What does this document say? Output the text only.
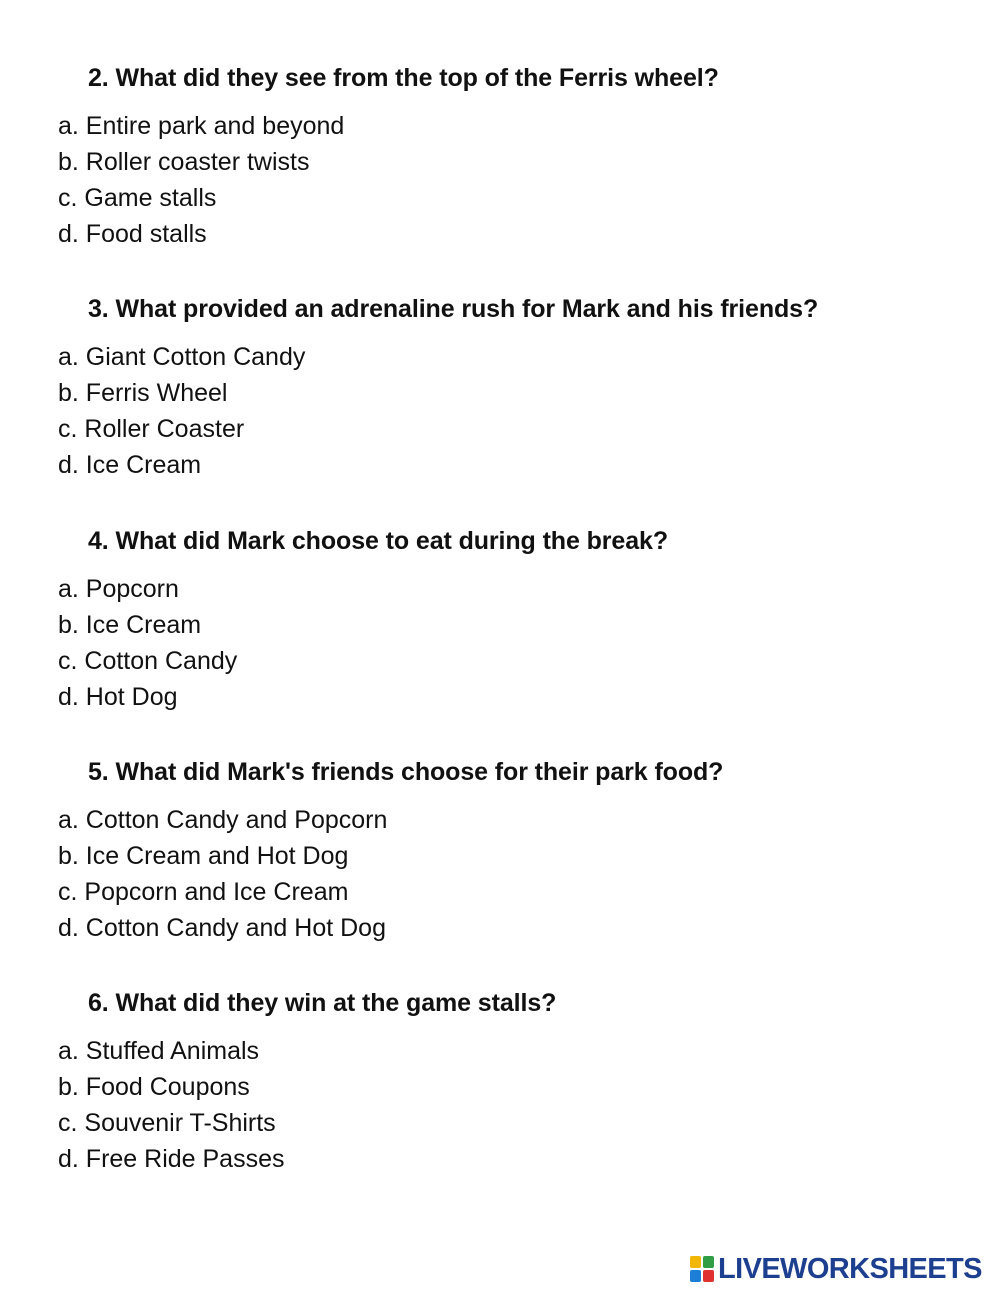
2. What did they see from the top of the Ferris wheel?
a. Entire park and beyond
b. Roller coaster twists
c. Game stalls
d. Food stalls
3. What provided an adrenaline rush for Mark and his friends?
a. Giant Cotton Candy
b. Ferris Wheel
c. Roller Coaster
d. Ice Cream
4. What did Mark choose to eat during the break?
a. Popcorn
b. Ice Cream
c. Cotton Candy
d. Hot Dog
5. What did Mark's friends choose for their park food?
a. Cotton Candy and Popcorn
b. Ice Cream and Hot Dog
c. Popcorn and Ice Cream
d. Cotton Candy and Hot Dog
6. What did they win at the game stalls?
a. Stuffed Animals
b. Food Coupons
c. Souvenir T-Shirts
d. Free Ride Passes
LIVEWORKSHEETS
